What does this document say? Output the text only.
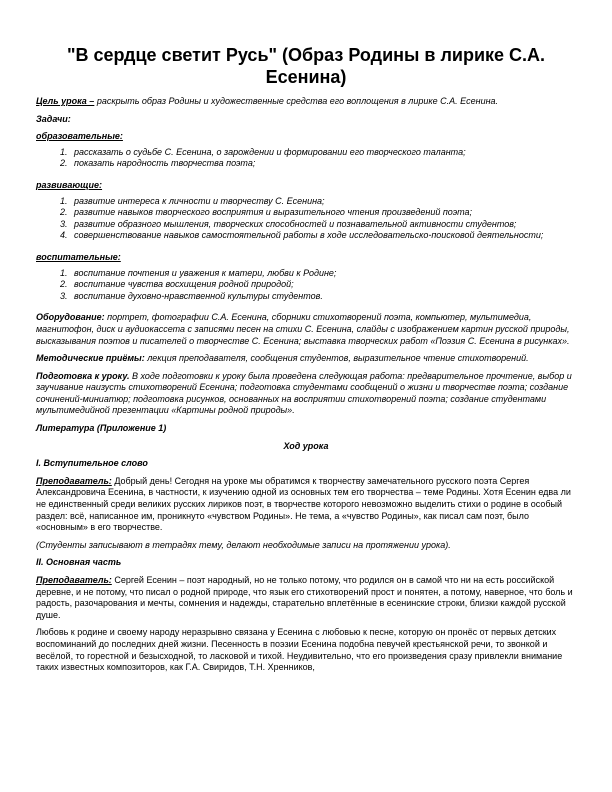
"В сердце светит Русь" (Образ Родины в лирике С.А. Есенина)

Цель урока – раскрыть образ Родины и художественные средства его воплощения в лирике С.А. Есенина.

Задачи:

образовательные:

1. рассказать о судьбе С. Есенина, о зарождении и формировании его творческого таланта;
2. показать народность творчества поэта;

развивающие:

1. развитие интереса к личности и творчеству С. Есенина;
2. развитие навыков творческого восприятия и выразительного чтения произведений поэта;
3. развитие образного мышления, творческих способностей и познавательной активности студентов;
4. совершенствование навыков самостоятельной работы в ходе исследовательско-поисковой деятельности;

воспитательные:

1. воспитание почтения и уважения к матери, любви к Родине;
2. воспитание чувства восхищения родной природой;
3. воспитание духовно-нравственной культуры студентов.

Оборудование: портрет, фотографии С.А. Есенина, сборники стихотворений поэта, компьютер, мультимедиа, магнитофон, диск и аудиокассета с записями песен на стихи С. Есенина, слайды с изображением картин русской природы, высказывания поэтов и писателей о творчестве С. Есенина; выставка творческих работ «Поэзия С. Есенина в рисунках».

Методические приёмы: лекция преподавателя, сообщения студентов, выразительное чтение стихотворений.

Подготовка к уроку. В ходе подготовки к уроку была проведена следующая работа: предварительное прочтение, выбор и заучивание наизусть стихотворений Есенина; подготовка студентами сообщений о жизни и творчестве поэта; создание сочинений-миниатюр; подготовка рисунков, основанных на восприятии стихотворений поэта; создание студентами мультимедийной презентации «Картины родной природы».

Литература (Приложение 1)

Ход урока

I. Вступительное слово

Преподаватель: Добрый день! Сегодня на уроке мы обратимся к творчеству замечательного русского поэта Сергея Александровича Есенина, в частности, к изучению одной из основных тем его творчества – теме Родины. Хотя Есенин едва ли не единственный среди великих русских лириков поэт, в творчестве которого невозможно выделить стихи о родине в особый раздел: всё, написанное им, проникнуто «чувством Родины». Не тема, а «чувство Родины», как писал сам поэт, было «основным» в его творчестве.

(Студенты записывают в тетрадях тему, делают необходимые записи на протяжении урока).

II. Основная часть

Преподаватель: Сергей Есенин – поэт народный, но не только потому, что родился он в самой что ни на есть российской деревне, и не потому, что писал о родной природе, что язык его стихотворений прост и понятен, а потому, наверное, что боль и радость, разочарования и мечты, сомнения и надежды, старательно вплетённые в есенинские строки, близки каждой русской душе.

Любовь к родине и своему народу неразрывно связана у Есенина с любовью к песне, которую он пронёс от первых детских воспоминаний до последних дней жизни. Песенность в поэзии Есенина подобна певучей крестьянской речи, то звонкой и весёлой, то горестной и безысходной, то ласковой и тихой. Неудивительно, что его произведения сразу привлекли внимание таких известных композиторов, как Г.А. Свиридов, Т.Н. Хренников,
